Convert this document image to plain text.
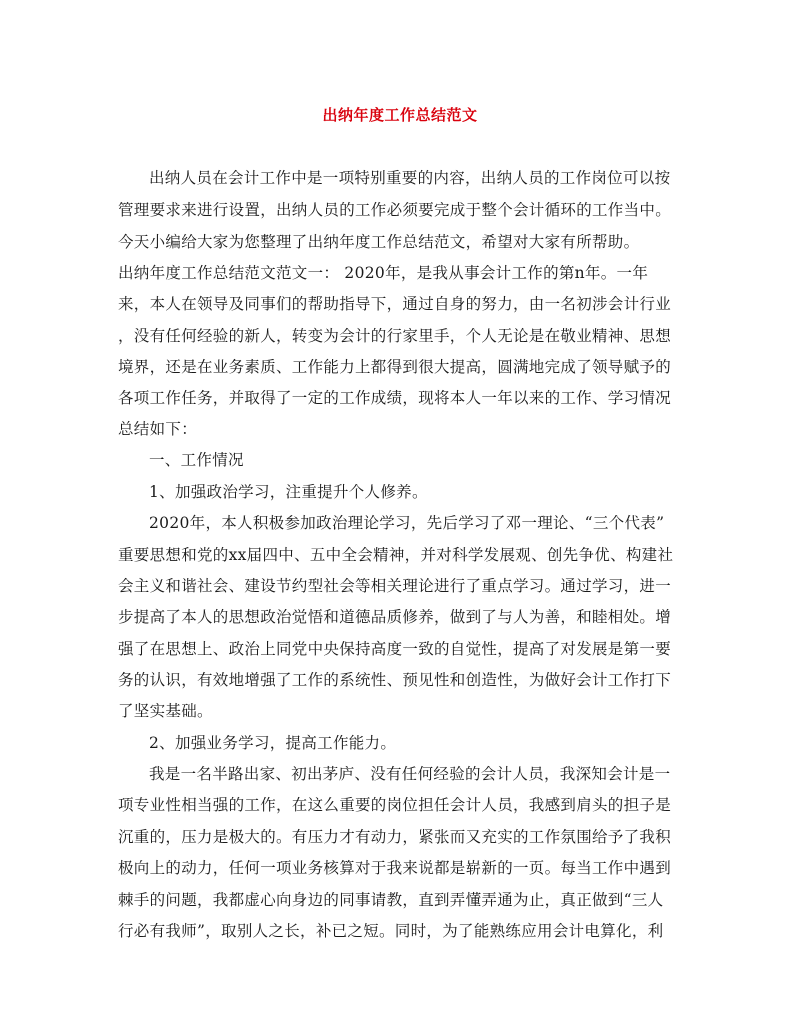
出纳年度工作总结范文
出纳人员在会计工作中是一项特别重要的内容，出纳人员的工作岗位可以按
管理要求来进行设置，出纳人员的工作必须要完成于整个会计循环的工作当中。
今天小编给大家为您整理了出纳年度工作总结范文，希望对大家有所帮助。
出纳年度工作总结范文范文一： 2020年，是我从事会计工作的第n年。一年
来，本人在领导及同事们的帮助指导下，通过自身的努力，由一名初涉会计行业
，没有任何经验的新人，转变为会计的行家里手，个人无论是在敬业精神、思想
境界，还是在业务素质、工作能力上都得到很大提高，圆满地完成了领导赋予的
各项工作任务，并取得了一定的工作成绩，现将本人一年以来的工作、学习情况
总结如下：
一、工作情况
1、加强政治学习，注重提升个人修养。
2020年，本人积极参加政治理论学习，先后学习了邓一理论、“三个代表”
重要思想和党的xx届四中、五中全会精神，并对科学发展观、创先争优、构建社
会主义和谐社会、建设节约型社会等相关理论进行了重点学习。通过学习，进一
步提高了本人的思想政治觉悟和道德品质修养，做到了与人为善，和睦相处。增
强了在思想上、政治上同党中央保持高度一致的自觉性，提高了对发展是第一要
务的认识，有效地增强了工作的系统性、预见性和创造性，为做好会计工作打下
了坚实基础。
2、加强业务学习，提高工作能力。
我是一名半路出家、初出茅庐、没有任何经验的会计人员，我深知会计是一
项专业性相当强的工作，在这么重要的岗位担任会计人员，我感到肩头的担子是
沉重的，压力是极大的。有压力才有动力，紧张而又充实的工作氛围给予了我积
极向上的动力，任何一项业务核算对于我来说都是崭新的一页。每当工作中遇到
棘手的问题，我都虚心向身边的同事请教，直到弄懂弄通为止，真正做到“三人
行必有我师”，取别人之长，补已之短。同时，为了能熟练应用会计电算化，利
